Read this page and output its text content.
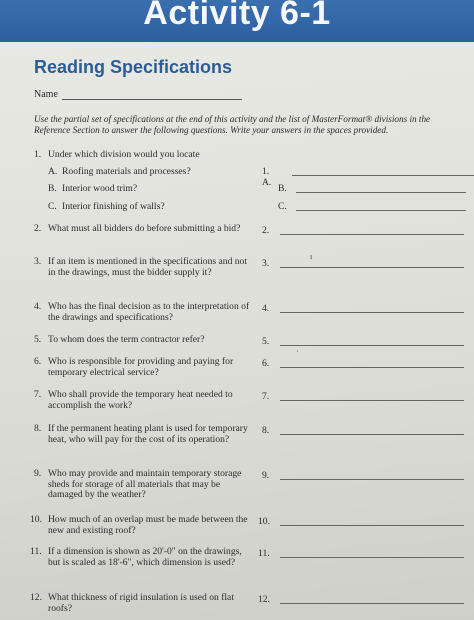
Activity 6-1
Reading Specifications
Name
Use the partial set of specifications at the end of this activity and the list of MasterFormat® divisions in the Reference Section to answer the following questions. Write your answers in the spaces provided.
1. Under which division would you locate
A. Roofing materials and processes?
B. Interior wood trim?
C. Interior finishing of walls?
1. A.
B.
C.
2. What must all bidders do before submitting a bid?	2.
3. If an item is mentioned in the specifications and not in the drawings, must the bidder supply it?
3.
ı
4. Who has the final decision as to the interpretation of the drawings and specifications?
4.
5. To whom does the term contractor refer?	5.
6. Who is responsible for providing and paying for temporary electrical service?
6.
·
7. Who shall provide the temporary heat needed to accomplish the work?
7.
8. If the permanent heating plant is used for temporary heat, who will pay for the cost of its operation?
8.
9. Who may provide and maintain temporary storage sheds for storage of all materials that may be damaged by the weather?
9.
10. How much of an overlap must be made between the new and existing roof?
10.
11. If a dimension is shown as 20'-0" on the drawings, but is scaled as 18'-6", which dimension is used?
11.
12. What thickness of rigid insulation is used on flat roofs?
12.
